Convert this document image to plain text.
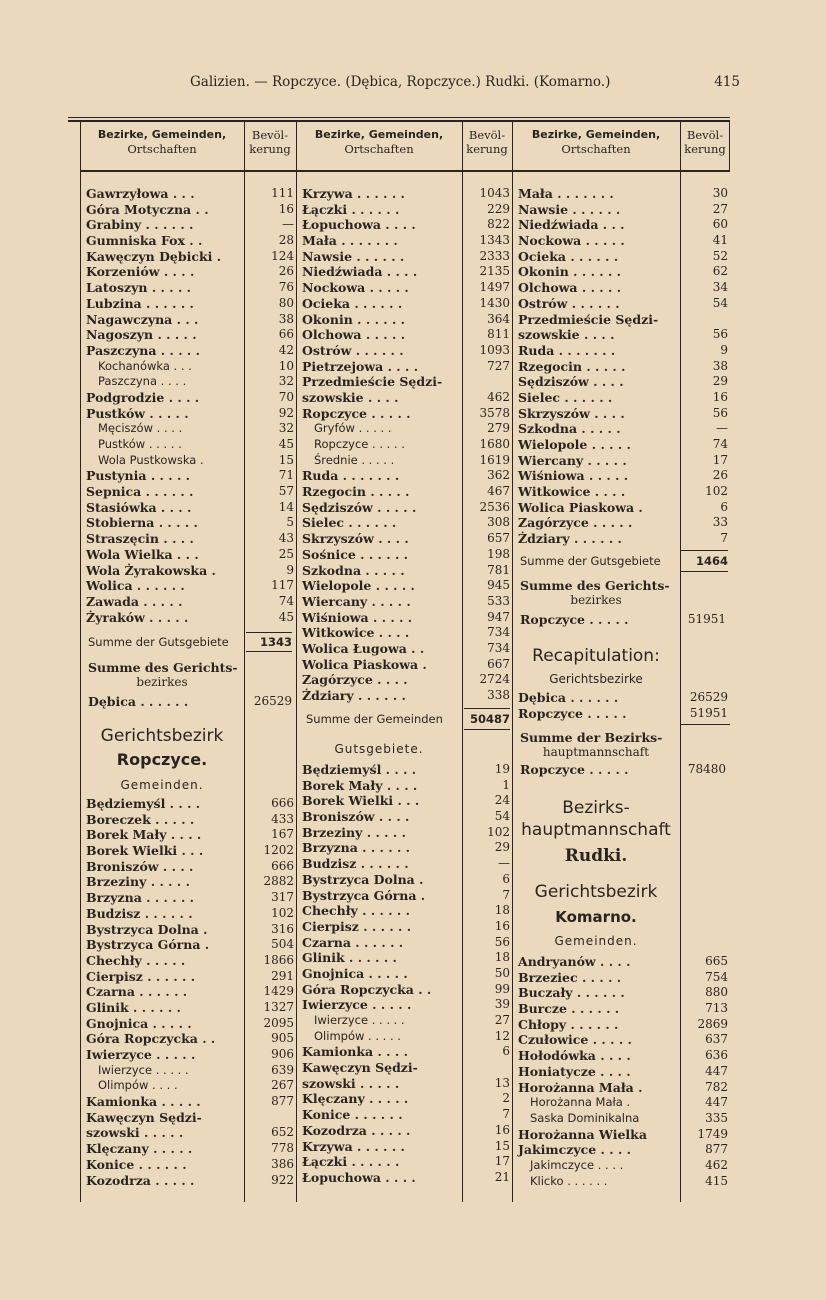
Galizien. — Ropczyce. (Dębica, Ropczyce.) Rudki. (Komarno.)	415
Bezirke, Gemeinden,
Ortschaften
Bevöl-
kerung
Bezirke, Gemeinden,
Ortschaften
Bevöl-
kerung
Bezirke, Gemeinden,
Ortschaften
Bevöl-
kerung
Gawrzyłowa . . .	111
Góra Motyczna . .	16
Grabiny . . . . . .	—
Gumniska Fox . .	28
Kawęczyn Dębicki .	124
Korzeniów . . . .	26
Latoszyn . . . . .	76
Lubzina . . . . . .	80
Nagawczyna . . .	38
Nagoszyn . . . . .	66
Paszczyna . . . . .	42
Kochanówka . . .	10
Paszczyna . . . .	32
Podgrodzie . . . .	70
Pustków . . . . .	92
Męciszów . . . .	32
Pustków . . . . .	45
Wola Pustkowska .	15
Pustynia . . . . .	71
Sepnica . . . . . .	57
Stasiówka . . . .	14
Stobierna . . . . .	5
Straszęcin . . . .	43
Wola Wielka . . .	25
Wola Żyrakowska .	9
Wolica . . . . . .	117
Zawada . . . . .	74
Żyraków . . . . .	45
Summe der Gutsgebiete	1343
Summe des Gerichts-
bezirkes
Dębica . . . . . .	26529
Gerichtsbezirk
Ropczyce.
Gemeinden.
Będziemyśl . . . .	666
Boreczek . . . . .	433
Borek Mały . . . .	167
Borek Wielki . . .	1202
Broniszów . . . .	666
Brzeziny . . . . .	2882
Brzyzna . . . . . .	317
Budzisz . . . . . .	102
Bystrzyca Dolna .	316
Bystrzyca Górna .	504
Chechły . . . . .	1866
Cierpisz . . . . . .	291
Czarna . . . . . .	1429
Glinik . . . . . .	1327
Gnojnica . . . . .	2095
Góra Ropczycka . .	905
Iwierzyce . . . . .	906
Iwierzyce . . . . .	639
Olimpów . . . .	267
Kamionka . . . . .	877
Kawęczyn Sędzi-
szowski . . . . .	652
Klęczany . . . . .	778
Konice . . . . . .	386
Kozodrza . . . . .	922
Krzywa . . . . . .	1043
Łączki . . . . . .	229
Łopuchowa . . . .	822
Mała . . . . . . .	1343
Nawsie . . . . . .	2333
Niedźwiada . . . .	2135
Nockowa . . . . .	1497
Ocieka . . . . . .	1430
Okonin . . . . . .	364
Olchowa . . . . .	811
Ostrów . . . . . .	1093
Pietrzejowa . . . .	727
Przedmieście Sędzi-
szowskie . . . .	462
Ropczyce . . . . .	3578
Gryfów . . . . .	279
Ropczyce . . . . .	1680
Średnie . . . . .	1619
Ruda . . . . . . .	362
Rzegocin . . . . .	467
Sędziszów . . . . .	2536
Sielec . . . . . .	308
Skrzyszów . . . .	657
Sośnice . . . . . .	198
Szkodna . . . . .	781
Wielopole . . . . .	945
Wiercany . . . . .	533
Wiśniowa . . . . .	947
Witkowice . . . .	734
Wolica Ługowa . .	734
Wolica Piaskowa .	667
Zagórzyce . . . .	2724
Żdziary . . . . . .	338
Summe der Gemeinden	50487
Gutsgebiete.
Będziemyśl . . . .	19
Borek Mały . . . .	1
Borek Wielki . . .	24
Broniszów . . . .	54
Brzeziny . . . . .	102
Brzyzna . . . . . .	29
Budzisz . . . . . .	—
Bystrzyca Dolna .	6
Bystrzyca Górna .	7
Chechły . . . . . .	18
Cierpisz . . . . . .	16
Czarna . . . . . .	56
Glinik . . . . . .	18
Gnojnica . . . . .	50
Góra Ropczycka . .	99
Iwierzyce . . . . .	39
Iwierzyce . . . . .	27
Olimpów . . . . .	12
Kamionka . . . .	6
Kawęczyn Sędzi-
szowski . . . . .	13
Klęczany . . . . .	2
Konice . . . . . .	7
Kozodrza . . . . .	16
Krzywa . . . . . .	15
Łączki . . . . . .	17
Łopuchowa . . . .	21
Mała . . . . . . .	30
Nawsie . . . . . .	27
Niedźwiada . . .	60
Nockowa . . . . .	41
Ocieka . . . . . .	52
Okonin . . . . . .	62
Olchowa . . . . .	34
Ostrów . . . . . .	54
Przedmieście Sędzi-
szowskie . . . .	56
Ruda . . . . . . .	9
Rzegocin . . . . .	38
Sędziszów . . . .	29
Sielec . . . . . .	16
Skrzyszów . . . .	56
Szkodna . . . . .	—
Wielopole . . . . .	74
Wiercany . . . . .	17
Wiśniowa . . . . .	26
Witkowice . . . .	102
Wolica Piaskowa .	6
Zagórzyce . . . . .	33
Żdziary . . . . . .	7
Summe der Gutsgebiete	1464
Summe des Gerichts-
bezirkes
Ropczyce . . . . .	51951
Recapitulation:
Gerichtsbezirke
Dębica . . . . . .	26529
Ropczyce . . . . .	51951
Summe der Bezirks-
hauptmannschaft
Ropczyce . . . . .	78480
Bezirks-
hauptmannschaft
Rudki.
Gerichtsbezirk
Komarno.
Gemeinden.
Andryanów . . . .	665
Brzeziec . . . . .	754
Buczały . . . . . .	880
Burcze . . . . . .	713
Chłopy . . . . . .	2869
Czułowice . . . . .	637
Hołodówka . . . .	636
Honiatycze . . . .	447
Horożanna Mała .	782
Horożanna Mała .	447
Saska Dominikalna	335
Horożanna Wielka	1749
Jakimczyce . . . .	877
Jakimczyce . . . .	462
Klicko . . . . . .	415
